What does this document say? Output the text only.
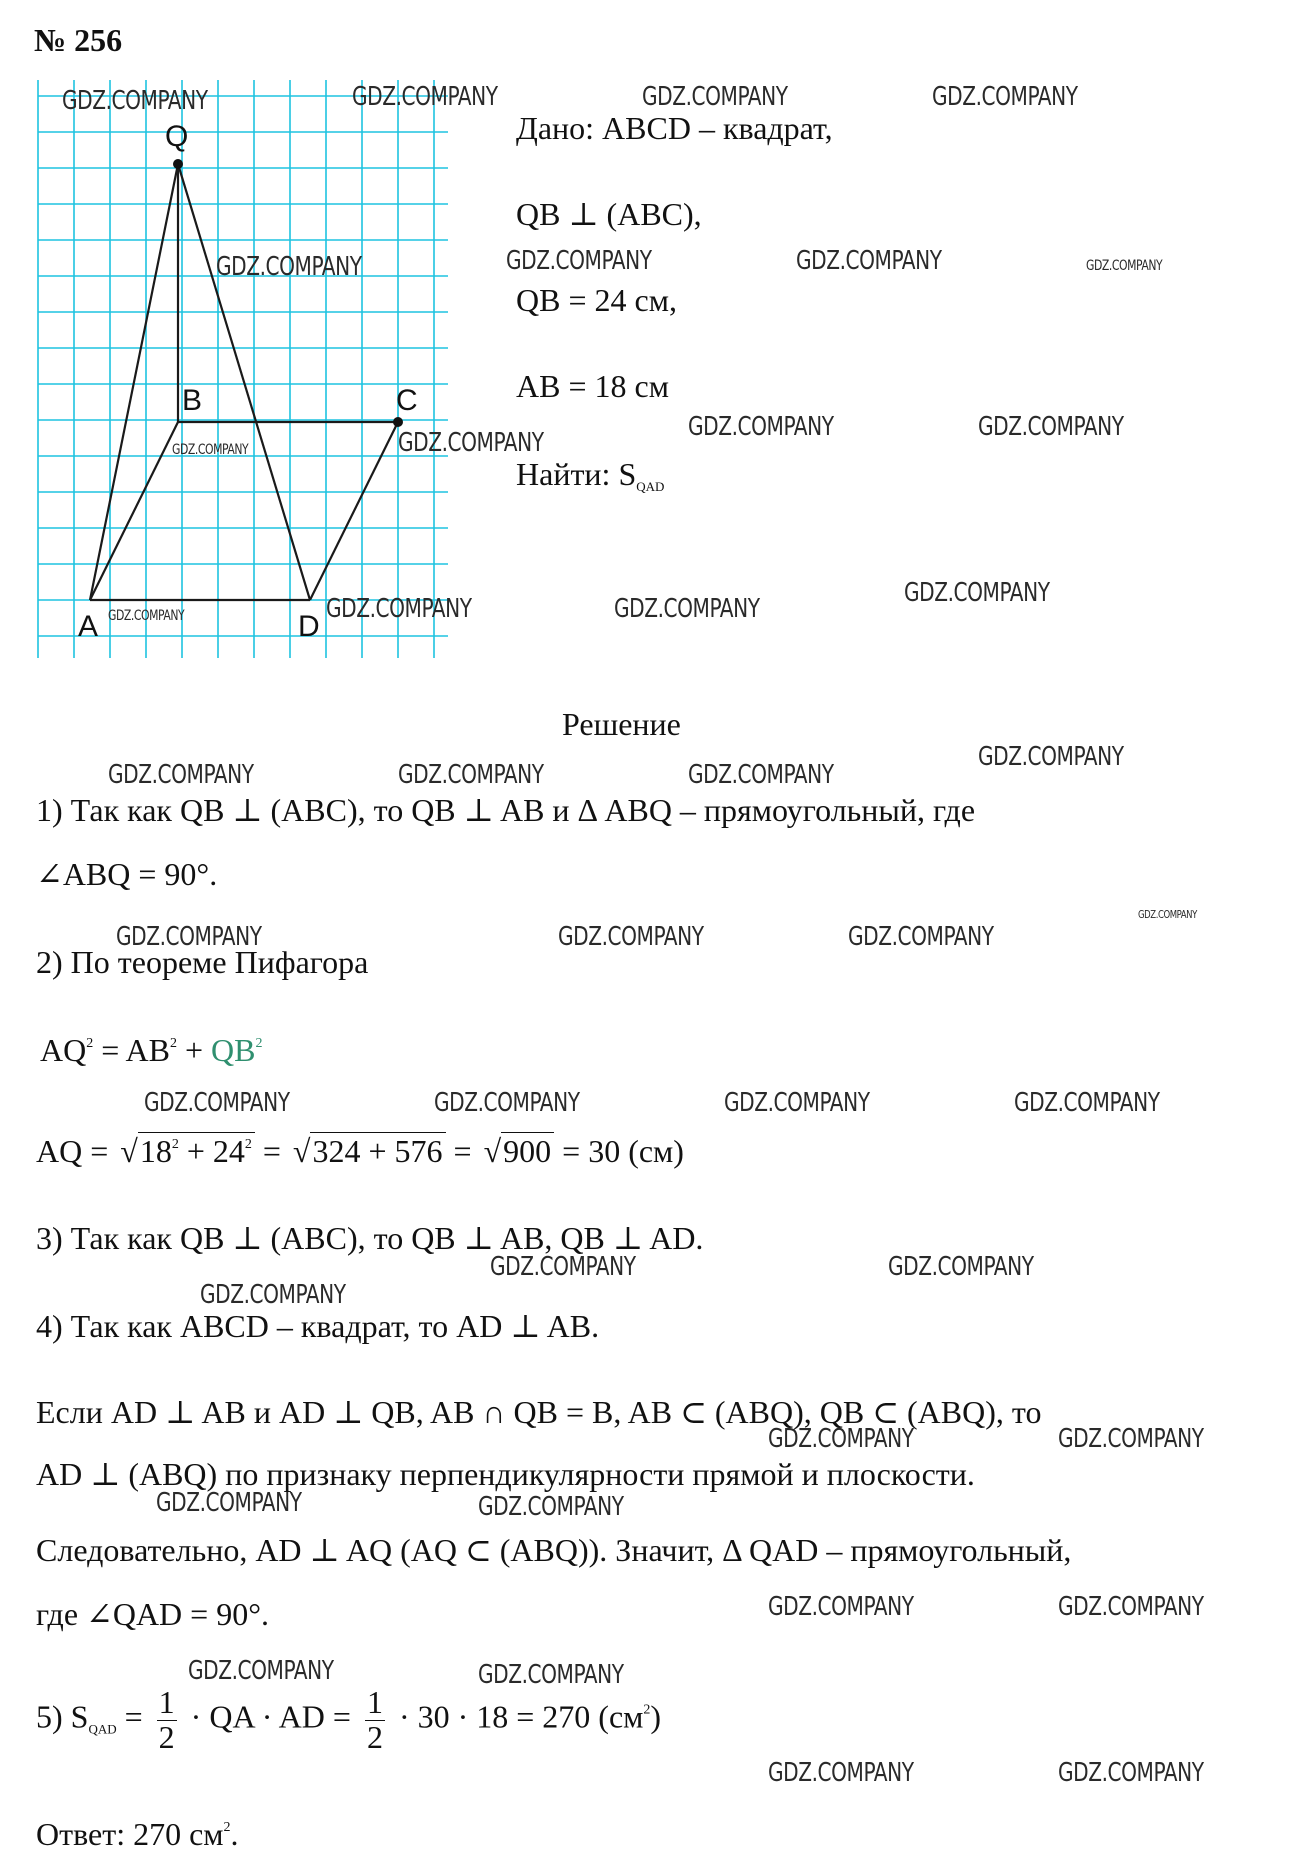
№ 256
Q
B	C
A	D
Дано: ABCD – квадрат,
QB ⊥ (ABC),
QB = 24 см,
AB = 18 см
Найти: $S_{QAD}$
Решение
1) Так как QB ⊥ (ABC), то QB ⊥ AB и Δ ABQ – прямоугольный, где
∠ABQ = 90°.
2) По теореме Пифагора
$AQ^2 = AB^2 + QB^2$
AQ = $√18^2 + 24^2 = √324 + 576 = √900 = 30$ (см)
3) Так как QB ⊥ (ABC), то QB ⊥ AB, QB ⊥ AD.
4) Так как ABCD – квадрат, то AD ⊥ AB.
Если AD ⊥ AB и AD ⊥ QB, AB ∩ QB = B, AB ⊂ (ABQ), QB ⊂ (ABQ), то
AD ⊥ (ABQ) по признаку перпендикулярности прямой и плоскости.
Следовательно, AD ⊥ AQ (AQ ⊂ (ABQ)). Значит, Δ QAD – прямоугольный,
где ∠QAD = 90°.
5) $S_{QAD} = \frac{1}{2}$ · QA · AD = $\frac{1}{2} \cdot 30 \cdot 18 = 270$ $(см^2)$
Ответ: 270 $см^2$.
GDZ.COMPANY	GDZ.COMPANY	GDZ.COMPANY	GDZ.COMPANY
GDZ.COMPANY	GDZ.COMPANY	GDZ.COMPANY	GDZ.COMPANY
GDZ.COMPANY	GDZ.COMPANY
GDZ.COMPANY	GDZ.COMPANY
GDZ.COMPANY	GDZ.COMPANY	GDZ.COMPANY
GDZ.COMPANY
GDZ.COMPANY	GDZ.COMPANY	GDZ.COMPANY
GDZ.COMPANY
GDZ.COMPANY
GDZ.COMPANY	GDZ.COMPANY	GDZ.COMPANY
GDZ.COMPANY	GDZ.COMPANY	GDZ.COMPANY	GDZ.COMPANY
GDZ.COMPANY	GDZ.COMPANY
GDZ.COMPANY
GDZ.COMPANY	GDZ.COMPANY
GDZ.COMPANY	GDZ.COMPANY
GDZ.COMPANY	GDZ.COMPANY
GDZ.COMPANY	GDZ.COMPANY
GDZ.COMPANY	GDZ.COMPANY
